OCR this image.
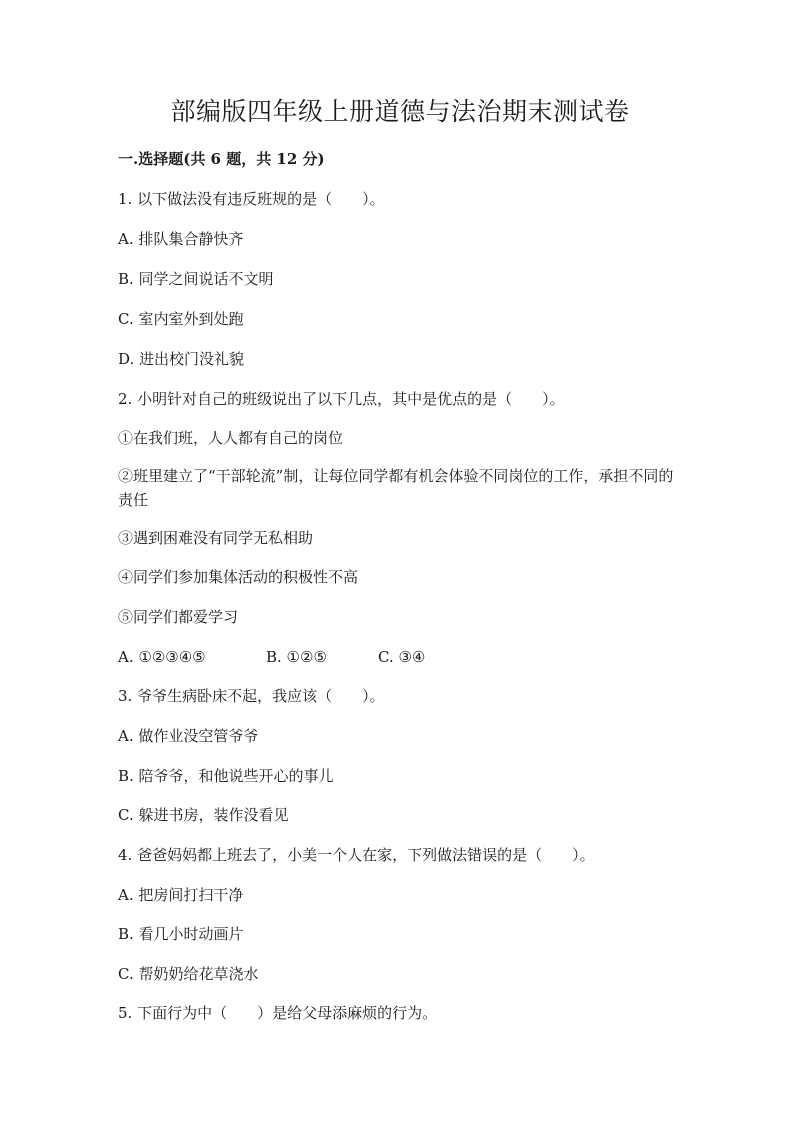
部编版四年级上册道德与法治期末测试卷
一.选择题(共 6 题，共 12 分)
1. 以下做法没有违反班规的是（　　）。
A. 排队集合静快齐
B. 同学之间说话不文明
C. 室内室外到处跑
D. 进出校门没礼貌
2. 小明针对自己的班级说出了以下几点，其中是优点的是（　　）。
①在我们班，人人都有自己的岗位
②班里建立了“干部轮流”制，让每位同学都有机会体验不同岗位的工作，承担不同的责任
③遇到困难没有同学无私相助
④同学们参加集体活动的积极性不高
⑤同学们都爱学习
A. ①②③④⑤	B. ①②⑤	C. ③④
3. 爷爷生病卧床不起，我应该（　　）。
A. 做作业没空管爷爷
B. 陪爷爷，和他说些开心的事儿
C. 躲进书房，装作没看见
4. 爸爸妈妈都上班去了，小美一个人在家，下列做法错误的是（　　）。
A. 把房间打扫干净
B. 看几小时动画片
C. 帮奶奶给花草浇水
5. 下面行为中（　　）是给父母添麻烦的行为。
